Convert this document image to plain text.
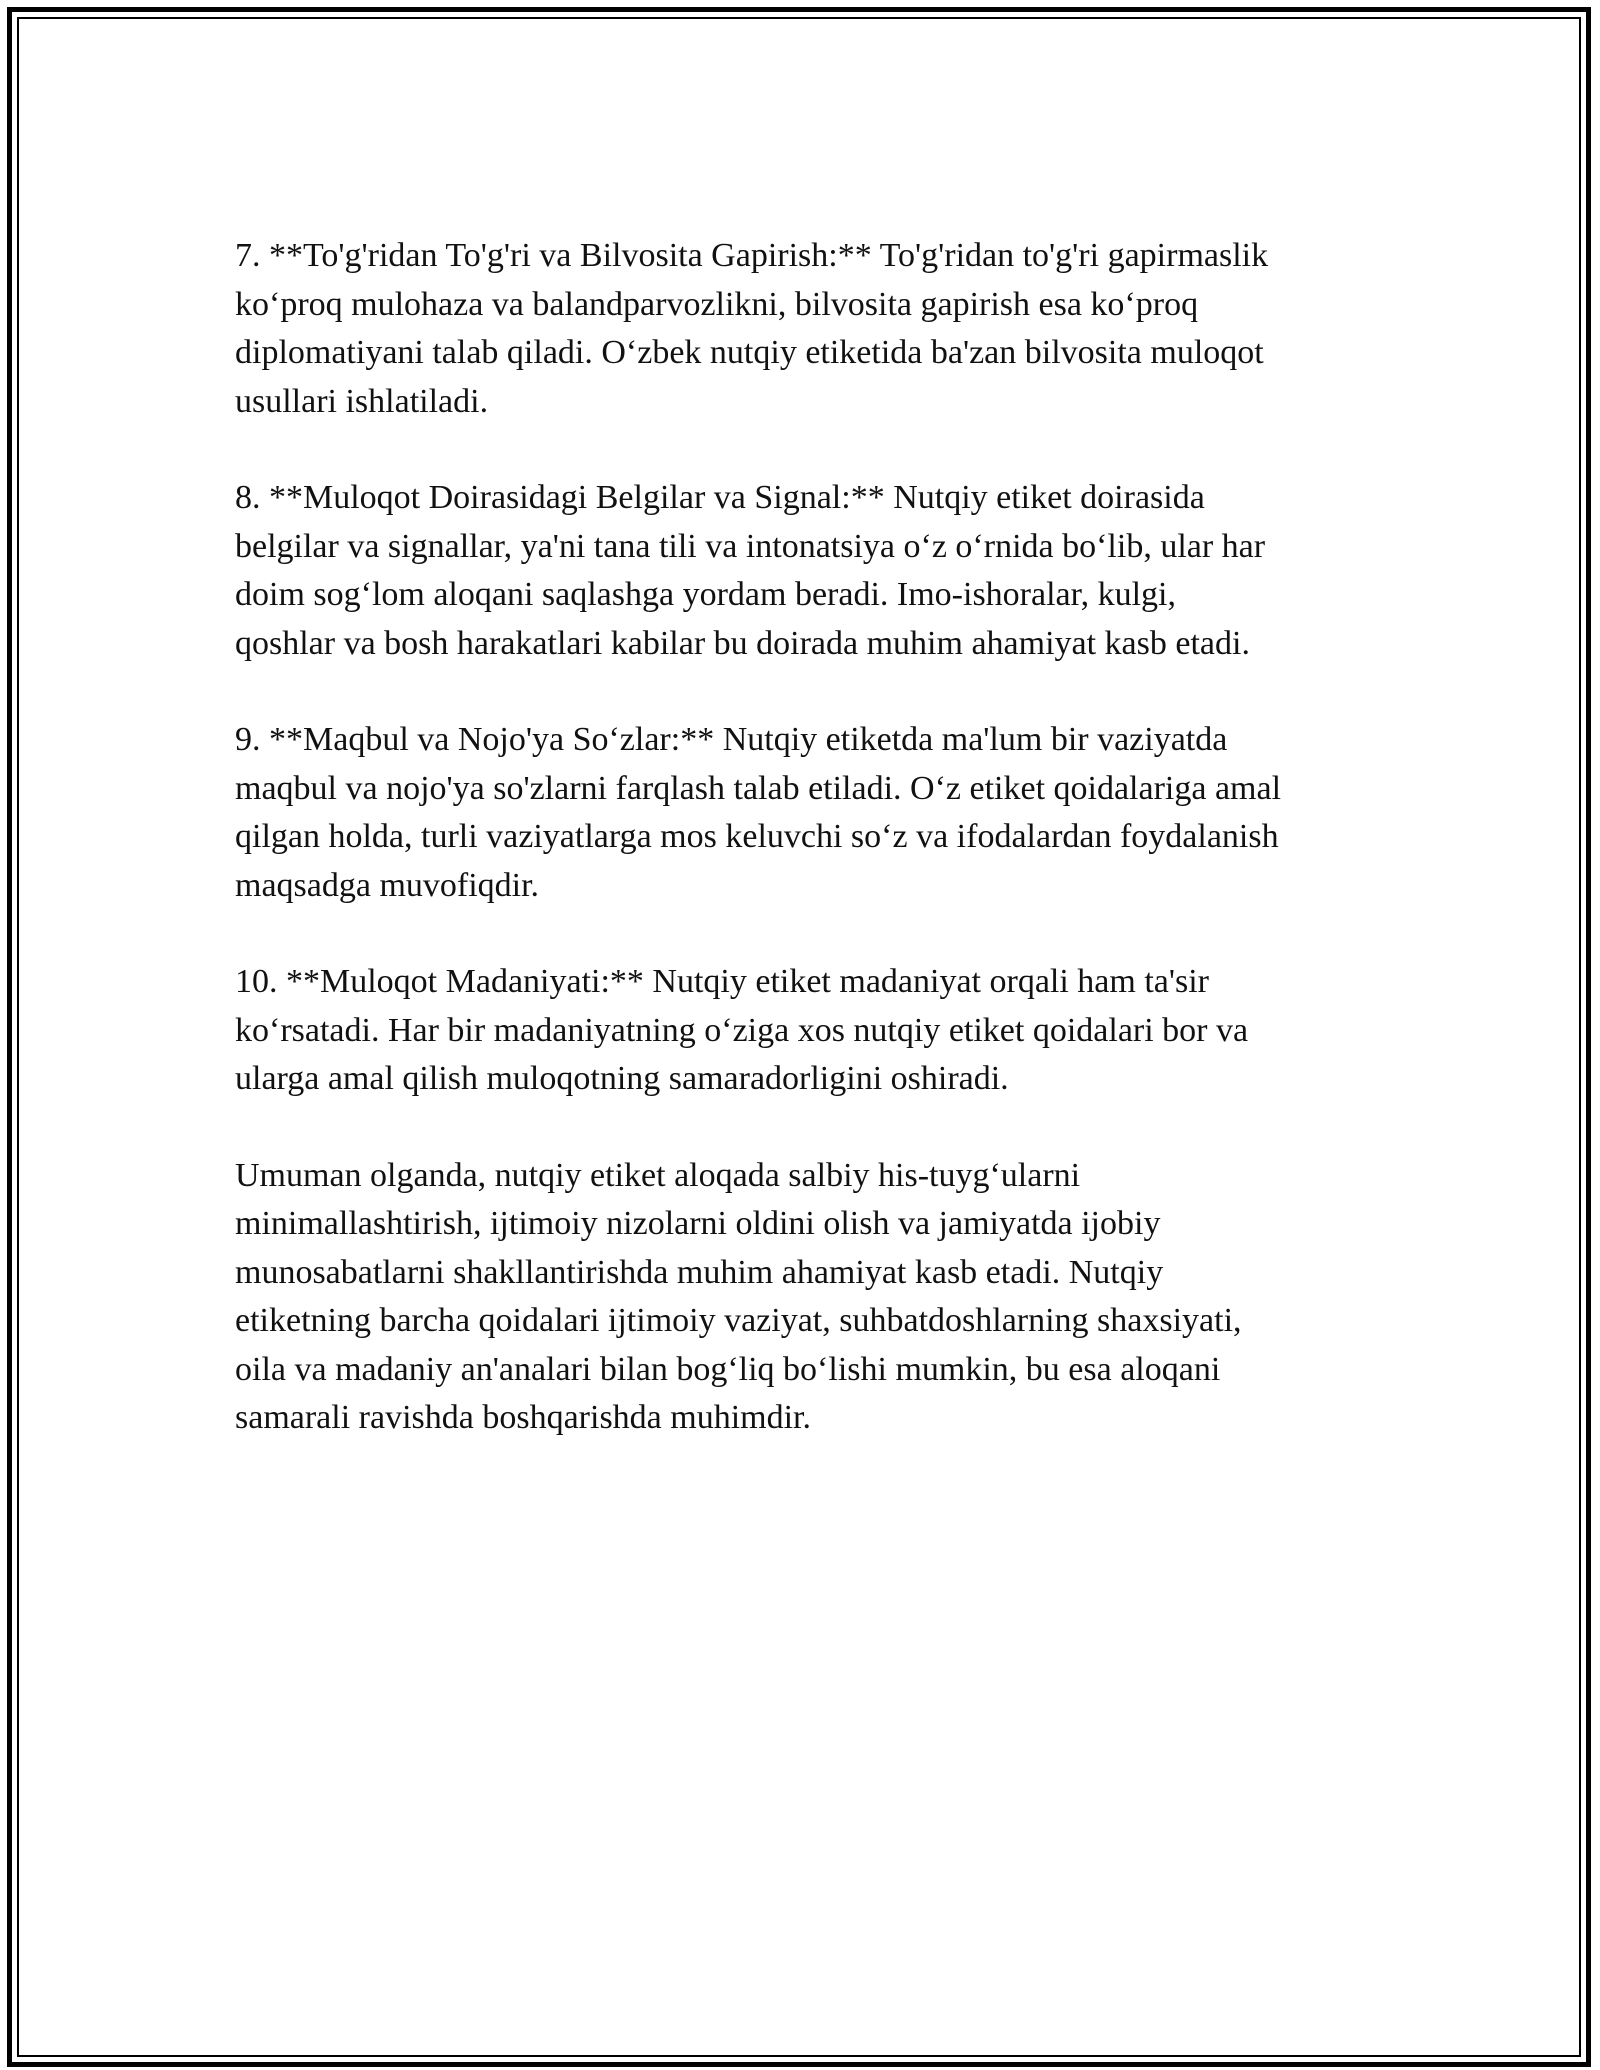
7. **To'g'ridan To'g'ri va Bilvosita Gapirish:** To'g'ridan to'g'ri gapirmaslik
ko‘proq mulohaza va balandparvozlikni, bilvosita gapirish esa ko‘proq
diplomatiyani talab qiladi. O‘zbek nutqiy etiketida ba'zan bilvosita muloqot
usullari ishlatiladi.

8. **Muloqot Doirasidagi Belgilar va Signal:** Nutqiy etiket doirasida
belgilar va signallar, ya'ni tana tili va intonatsiya o‘z o‘rnida bo‘lib, ular har
doim sog‘lom aloqani saqlashga yordam beradi. Imo-ishoralar, kulgi,
qoshlar va bosh harakatlari kabilar bu doirada muhim ahamiyat kasb etadi.

9. **Maqbul va Nojo'ya So‘zlar:** Nutqiy etiketda ma'lum bir vaziyatda
maqbul va nojo'ya so'zlarni farqlash talab etiladi. O‘z etiket qoidalariga amal
qilgan holda, turli vaziyatlarga mos keluvchi so‘z va ifodalardan foydalanish
maqsadga muvofiqdir.

10. **Muloqot Madaniyati:** Nutqiy etiket madaniyat orqali ham ta'sir
ko‘rsatadi. Har bir madaniyatning o‘ziga xos nutqiy etiket qoidalari bor va
ularga amal qilish muloqotning samaradorligini oshiradi.

Umuman olganda, nutqiy etiket aloqada salbiy his-tuyg‘ularni
minimallashtirish, ijtimoiy nizolarni oldini olish va jamiyatda ijobiy
munosabatlarni shakllantirishda muhim ahamiyat kasb etadi. Nutqiy
etiketning barcha qoidalari ijtimoiy vaziyat, suhbatdoshlarning shaxsiyati,
oila va madaniy an'analari bilan bog‘liq bo‘lishi mumkin, bu esa aloqani
samarali ravishda boshqarishda muhimdir.
